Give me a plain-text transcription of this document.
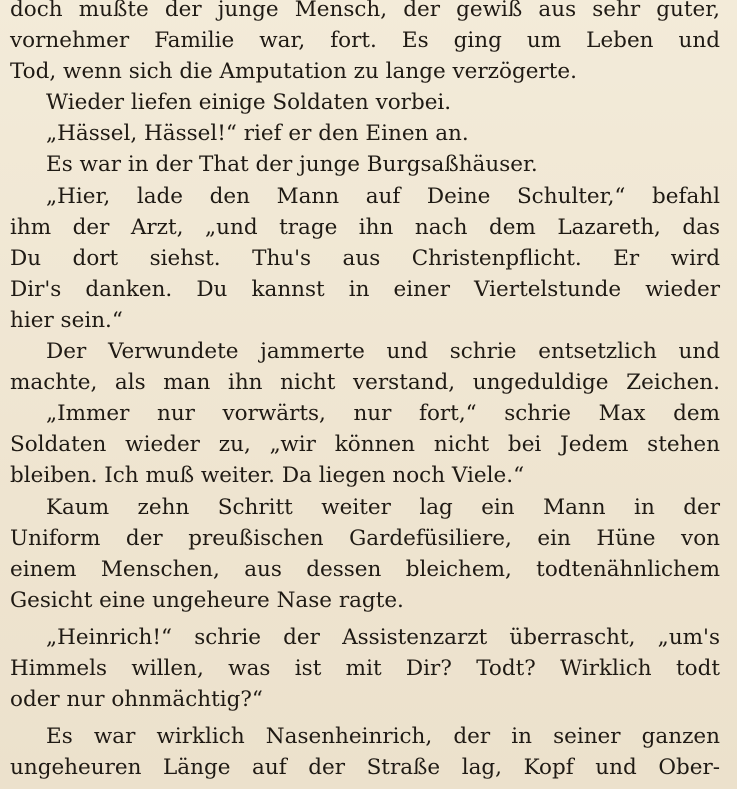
doch mußte der junge Mensch, der gewiß aus sehr guter,
vornehmer Familie war, fort. Es ging um Leben und
Tod, wenn sich die Amputation zu lange verzögerte.
Wieder liefen einige Soldaten vorbei.
„Hässel, Hässel!“ rief er den Einen an.
Es war in der That der junge Burgsaßhäuser.
„Hier, lade den Mann auf Deine Schulter,“ befahl
ihm der Arzt, „und trage ihn nach dem Lazareth, das
Du dort siehst. Thu's aus Christenpflicht. Er wird
Dir's danken. Du kannst in einer Viertelstunde wieder
hier sein.“
Der Verwundete jammerte und schrie entsetzlich und
machte, als man ihn nicht verstand, ungeduldige Zeichen.
„Immer nur vorwärts, nur fort,“ schrie Max dem
Soldaten wieder zu, „wir können nicht bei Jedem stehen
bleiben. Ich muß weiter. Da liegen noch Viele.“
Kaum zehn Schritt weiter lag ein Mann in der
Uniform der preußischen Gardefüsiliere, ein Hüne von
einem Menschen, aus dessen bleichem, todtenähnlichem
Gesicht eine ungeheure Nase ragte.
„Heinrich!“ schrie der Assistenzarzt überrascht, „um's
Himmels willen, was ist mit Dir? Todt? Wirklich todt
oder nur ohnmächtig?“
Es war wirklich Nasenheinrich, der in seiner ganzen
ungeheuren Länge auf der Straße lag, Kopf und Ober-
